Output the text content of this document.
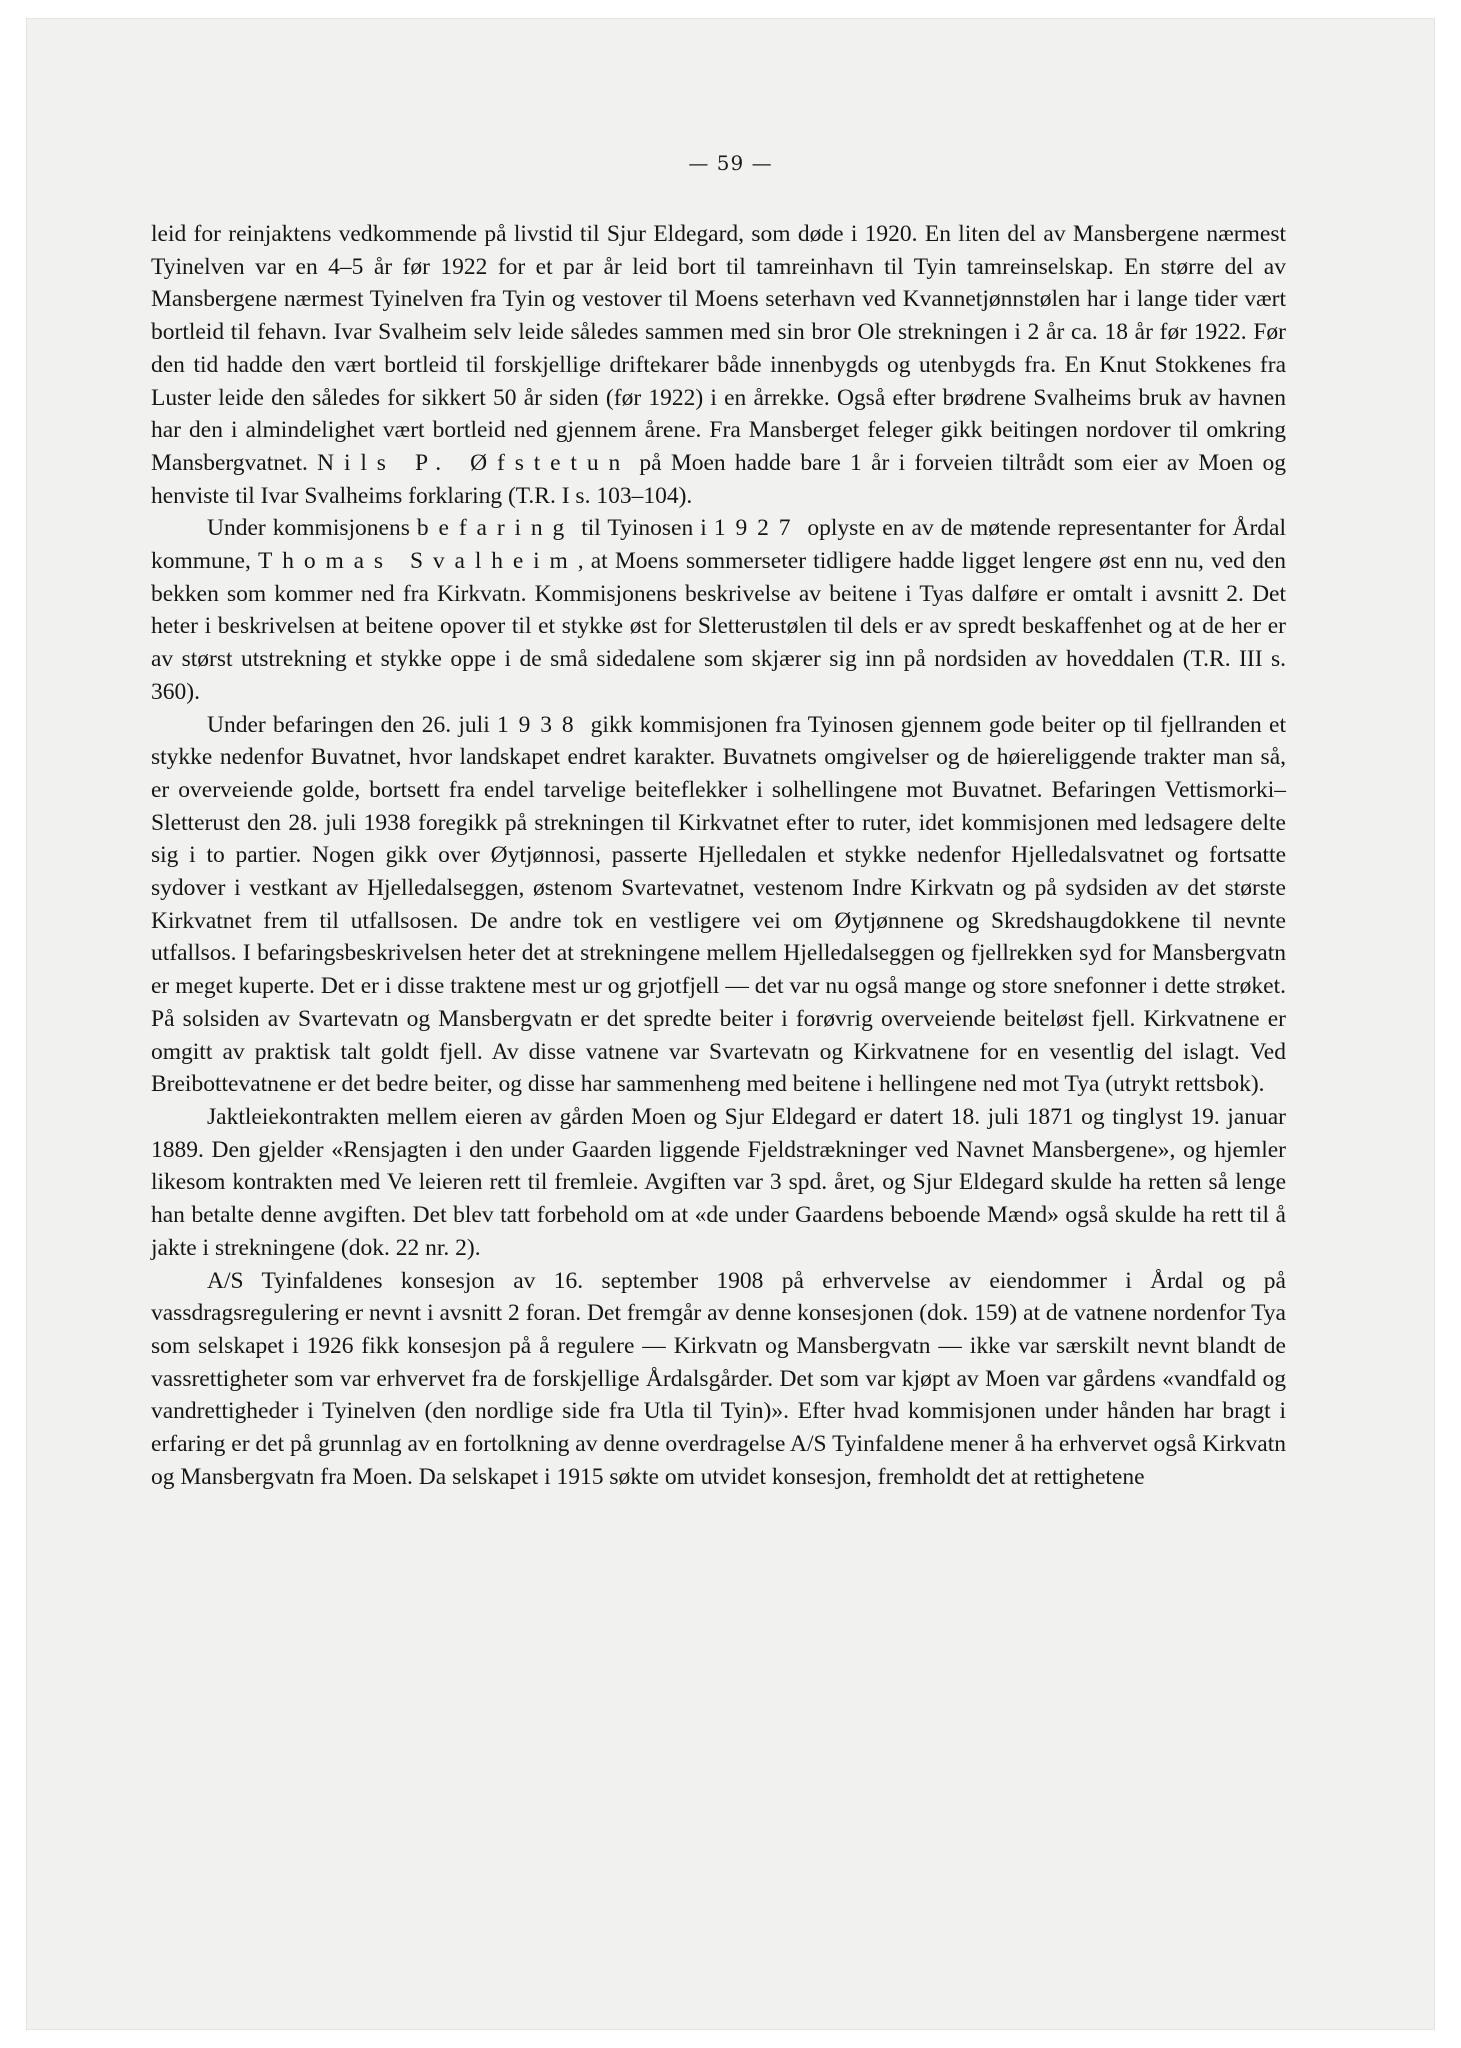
— 59 —

leid for reinjaktens vedkommende på livstid til Sjur Eldegard, som døde i 1920. En liten del av Mansbergene nærmest Tyinelven var en 4–5 år før 1922 for et par år leid bort til tamreinhavn til Tyin tamreinselskap. En større del av Mansbergene nærmest Tyinelven fra Tyin og vestover til Moens seterhavn ved Kvannetjønnstølen har i lange tider vært bortleid til fehavn. Ivar Svalheim selv leide således sammen med sin bror Ole strekningen i 2 år ca. 18 år før 1922. Før den tid hadde den vært bortleid til forskjellige driftekarer både innenbygds og utenbygds fra. En Knut Stokkenes fra Luster leide den således for sikkert 50 år siden (før 1922) i en årrekke. Også efter brødrene Svalheims bruk av havnen har den i almindelighet vært bortleid ned gjennem årene. Fra Mansberget feleger gikk beitingen nordover til omkring Mansbergvatnet. Nils P. Øfstetun på Moen hadde bare 1 år i forveien tiltrådt som eier av Moen og henviste til Ivar Svalheims forklaring (T.R. I s. 103–104).

Under kommisjonens befaring til Tyinosen i 1927 oplyste en av de møtende representanter for Årdal kommune, Thomas Svalheim, at Moens sommerseter tidligere hadde ligget lengere øst enn nu, ved den bekken som kommer ned fra Kirkvatn. Kommisjonens beskrivelse av beitene i Tyas dalføre er omtalt i avsnitt 2. Det heter i beskrivelsen at beitene opover til et stykke øst for Sletterustølen til dels er av spredt beskaffenhet og at de her er av størst utstrekning et stykke oppe i de små sidedalene som skjærer sig inn på nordsiden av hoveddalen (T.R. III s. 360).

Under befaringen den 26. juli 1938 gikk kommisjonen fra Tyinosen gjennem gode beiter op til fjellranden et stykke nedenfor Buvatnet, hvor landskapet endret karakter. Buvatnets omgivelser og de høiereliggende trakter man så, er overveiende golde, bortsett fra endel tarvelige beiteflekker i solhellingene mot Buvatnet. Befaringen Vettismorki–Sletterust den 28. juli 1938 foregikk på strekningen til Kirkvatnet efter to ruter, idet kommisjonen med ledsagere delte sig i to partier. Nogen gikk over Øytjønnosi, passerte Hjelledalen et stykke nedenfor Hjelledalsvatnet og fortsatte sydover i vestkant av Hjelledalseggen, østenom Svartevatnet, vestenom Indre Kirkvatn og på sydsiden av det største Kirkvatnet frem til utfallsosen. De andre tok en vestligere vei om Øytjønnene og Skredshaugdokkene til nevnte utfallsos. I befaringsbeskrivelsen heter det at strekningene mellem Hjelledalseggen og fjellrekken syd for Mansbergvatn er meget kuperte. Det er i disse traktene mest ur og grjotfjell — det var nu også mange og store snefonner i dette strøket. På solsiden av Svartevatn og Mansbergvatn er det spredte beiter i forøvrig overveiende beiteløst fjell. Kirkvatnene er omgitt av praktisk talt goldt fjell. Av disse vatnene var Svartevatn og Kirkvatnene for en vesentlig del islagt. Ved Breibottevatnene er det bedre beiter, og disse har sammenheng med beitene i hellingene ned mot Tya (utrykt rettsbok).

Jaktleiekontrakten mellem eieren av gården Moen og Sjur Eldegard er datert 18. juli 1871 og tinglyst 19. januar 1889. Den gjelder «Rensjagten i den under Gaarden liggende Fjeldstrækninger ved Navnet Mansbergene», og hjemler likesom kontrakten med Ve leieren rett til fremleie. Avgiften var 3 spd. året, og Sjur Eldegard skulde ha retten så lenge han betalte denne avgiften. Det blev tatt forbehold om at «de under Gaardens beboende Mænd» også skulde ha rett til å jakte i strekningene (dok. 22 nr. 2).

A/S Tyinfaldenes konsesjon av 16. september 1908 på erhvervelse av eiendommer i Årdal og på vassdragsregulering er nevnt i avsnitt 2 foran. Det fremgår av denne konsesjonen (dok. 159) at de vatnene nordenfor Tya som selskapet i 1926 fikk konsesjon på å regulere — Kirkvatn og Mansbergvatn — ikke var særskilt nevnt blandt de vassrettigheter som var erhvervet fra de forskjellige Årdalsgårder. Det som var kjøpt av Moen var gårdens «vandfald og vandrettigheder i Tyinelven (den nordlige side fra Utla til Tyin)». Efter hvad kommisjonen under hånden har bragt i erfaring er det på grunnlag av en fortolkning av denne overdragelse A/S Tyinfaldene mener å ha erhvervet også Kirkvatn og Mansbergvatn fra Moen. Da selskapet i 1915 søkte om utvidet konsesjon, fremholdt det at rettighetene
